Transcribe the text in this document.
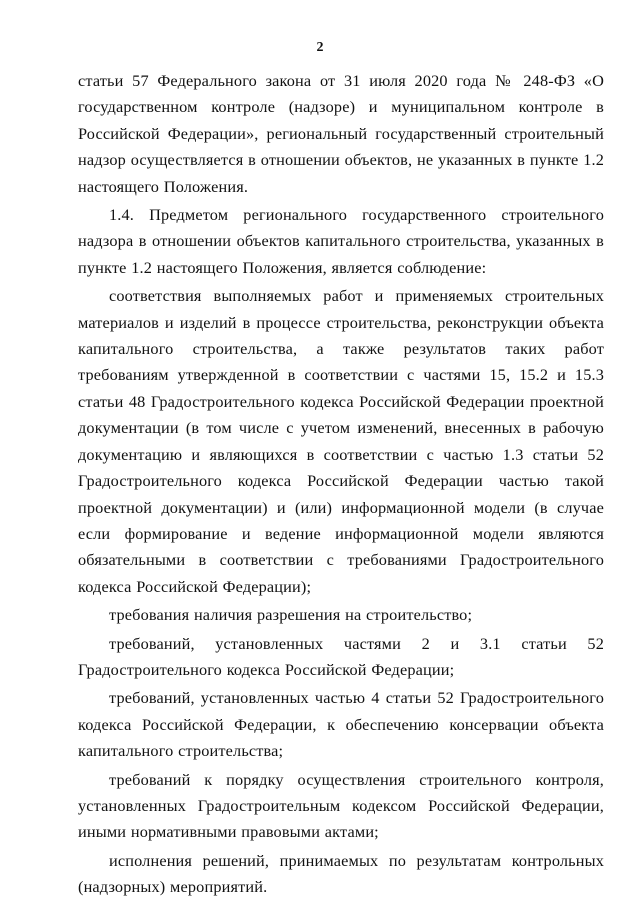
2

статьи 57 Федерального закона от 31 июля 2020 года № 248-ФЗ «О государственном контроле (надзоре) и муниципальном контроле в Российской Федерации», региональный государственный строительный надзор осуществляется в отношении объектов, не указанных в пункте 1.2 настоящего Положения.

1.4. Предметом регионального государственного строительного надзора в отношении объектов капитального строительства, указанных в пункте 1.2 настоящего Положения, является соблюдение:

соответствия выполняемых работ и применяемых строительных материалов и изделий в процессе строительства, реконструкции объекта капитального строительства, а также результатов таких работ требованиям утвержденной в соответствии с частями 15, 15.2 и 15.3 статьи 48 Градостроительного кодекса Российской Федерации проектной документации (в том числе с учетом изменений, внесенных в рабочую документацию и являющихся в соответствии с частью 1.3 статьи 52 Градостроительного кодекса Российской Федерации частью такой проектной документации) и (или) информационной модели (в случае если формирование и ведение информационной модели являются обязательными в соответствии с требованиями Градостроительного кодекса Российской Федерации);

требования наличия разрешения на строительство;

требований, установленных частями 2 и 3.1 статьи 52 Градостроительного кодекса Российской Федерации;

требований, установленных частью 4 статьи 52 Градостроительного кодекса Российской Федерации, к обеспечению консервации объекта капитального строительства;

требований к порядку осуществления строительного контроля, установленных Градостроительным кодексом Российской Федерации, иными нормативными правовыми актами;

исполнения решений, принимаемых по результатам контрольных (надзорных) мероприятий.
